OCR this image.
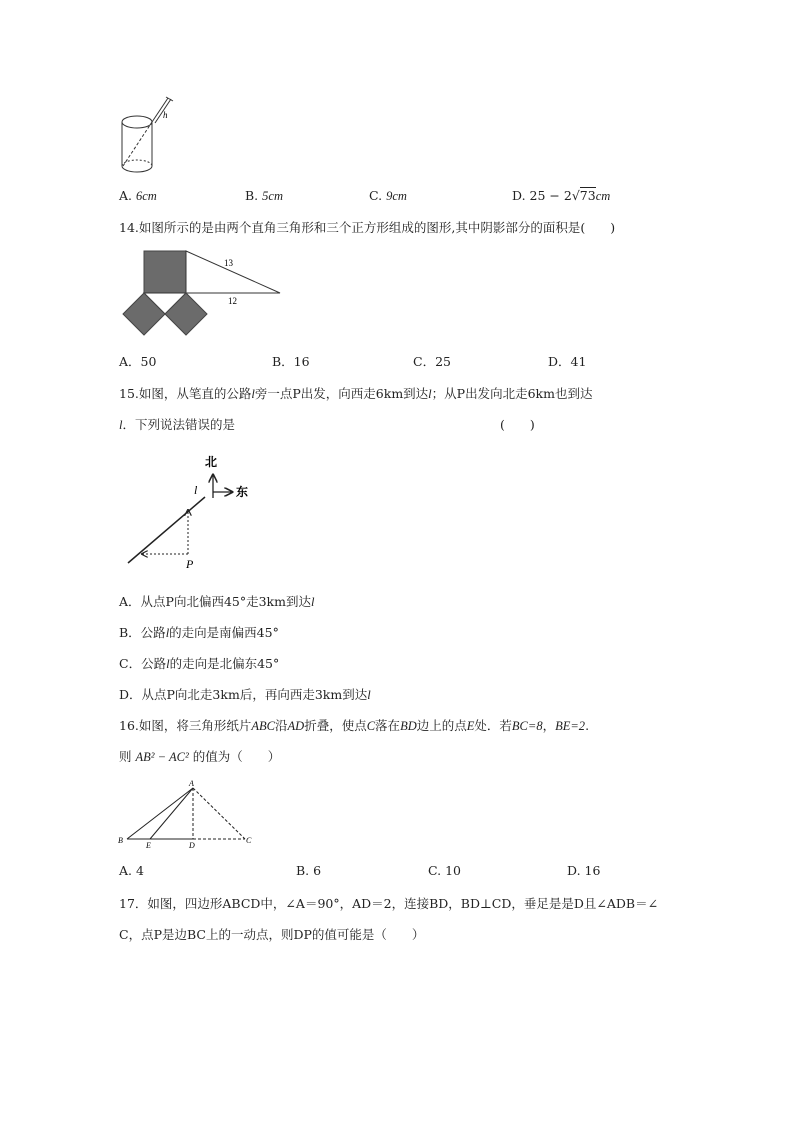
h
A. 6cm	B. 5cm	C. 9cm	D. 25 − 2√73cm
14.如图所示的是由两个直角三角形和三个正方形组成的图形,其中阴影部分的面积是(　　)
13
12
A．50	B．16	C．25	D．41
15.如图，从笔直的公路l旁一点P出发，向西走6km到达l；从P出发向北走6km也到达
l．下列说法错误的是	(　　)
北
东
l
P
A．从点P向北偏西45°走3km到达l
B．公路l的走向是南偏西45°
C．公路l的走向是北偏东45°
D．从点P向北走3km后，再向西走3km到达l
16.如图，将三角形纸片ABC沿AD折叠，使点C落在BD边上的点E处．若BC=8，BE=2.
则 AB² − AC² 的值为（　　）
A
B
E	D
C
A. 4	B. 6	C. 10	D. 16
17．如图，四边形ABCD中，∠A＝90°，AD＝2，连接BD，BD⊥CD，垂足是是D且∠ADB＝∠
C，点P是边BC上的一动点，则DP的值可能是（　　）
